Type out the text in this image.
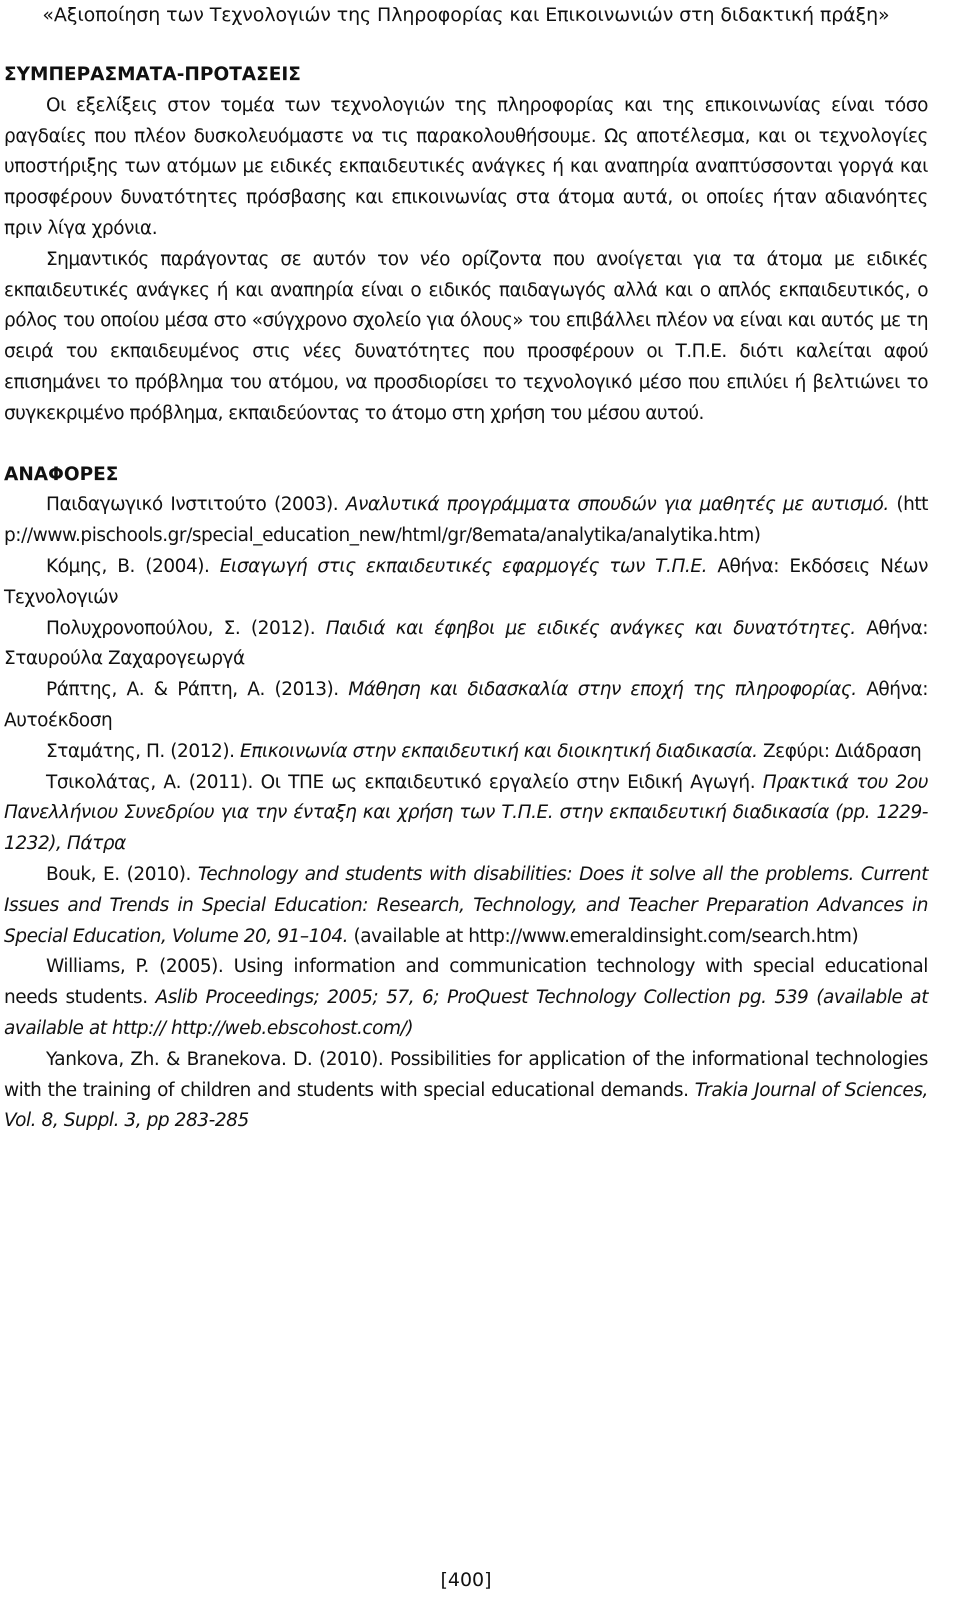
«Αξιοποίηση των Τεχνολογιών της Πληροφορίας και Επικοινωνιών στη διδακτική πράξη»
ΣΥΜΠΕΡΑΣΜΑΤΑ-ΠΡΟΤΑΣΕΙΣ

Οι εξελίξεις στον τομέα των τεχνολογιών της πληροφορίας και της επικοινωνίας είναι τόσο ραγδαίες που πλέον δυσκολευόμαστε να τις παρακολουθήσουμε. Ως αποτέλεσμα, και οι τεχνολογίες υποστήριξης των ατόμων με ειδικές εκπαιδευτικές ανάγκες ή και αναπηρία αναπτύσσονται γοργά και προσφέρουν δυνατότητες πρόσβασης και επικοινωνίας στα άτομα αυτά, οι οποίες ήταν αδιανόητες πριν λίγα χρόνια.

Σημαντικός παράγοντας σε αυτόν τον νέο ορίζοντα που ανοίγεται για τα άτομα με ειδικές εκπαιδευτικές ανάγκες ή και αναπηρία είναι ο ειδικός παιδαγωγός αλλά και ο απλός εκπαιδευτικός, ο ρόλος του οποίου μέσα στο «σύγχρονο σχολείο για όλους» του επιβάλλει πλέον να είναι και αυτός με τη σειρά του εκπαιδευμένος στις νέες δυνατότητες που προσφέρουν οι Τ.Π.Ε. διότι καλείται αφού επισημάνει το πρόβλημα του ατόμου, να προσδιορίσει το τεχνολογικό μέσο που επιλύει ή βελτιώνει το συγκεκριμένο πρόβλημα, εκπαιδεύοντας το άτομο στη χρήση του μέσου αυτού.

ΑΝΑΦΟΡΕΣ

Παιδαγωγικό Ινστιτούτο (2003). Αναλυτικά προγράμματα σπουδών για μαθητές με αυτισμό. (http://www.pischools.gr/special_education_new/html/gr/8emata/analytika/analytika.htm)

Κόμης, Β. (2004). Εισαγωγή στις εκπαιδευτικές εφαρμογές των Τ.Π.Ε. Αθήνα: Εκδόσεις Νέων Τεχνολογιών

Πολυχρονοπούλου, Σ. (2012). Παιδιά και έφηβοι με ειδικές ανάγκες και δυνατότητες. Αθήνα: Σταυρούλα Ζαχαρογεωργά

Ράπτης, Α. & Ράπτη, Α. (2013). Μάθηση και διδασκαλία στην εποχή της πληροφορίας. Αθήνα: Αυτοέκδοση

Σταμάτης, Π. (2012). Επικοινωνία στην εκπαιδευτική και διοικητική διαδικασία. Ζεφύρι: Διάδραση

Τσικολάτας, Α. (2011). Οι ΤΠΕ ως εκπαιδευτικό εργαλείο στην Ειδική Αγωγή. Πρακτικά του 2ου Πανελλήνιου Συνεδρίου για την ένταξη και χρήση των Τ.Π.Ε. στην εκπαιδευτική διαδικασία (pp. 1229-1232), Πάτρα

Bouk, E. (2010). Technology and students with disabilities: Does it solve all the problems. Current Issues and Trends in Special Education: Research, Technology, and Teacher Preparation Advances in Special Education, Volume 20, 91–104. (available at http://www.emeraldinsight.com/search.htm)

Williams, P. (2005). Using information and communication technology with special educational needs students. Aslib Proceedings; 2005; 57, 6; ProQuest Technology Collection pg. 539 (available at available at http:// http://web.ebscohost.com/)

Yankova, Zh. & Branekova. D. (2010). Possibilities for application of the informational technologies with the training of children and students with special educational demands. Trakia Journal of Sciences, Vol. 8, Suppl. 3, pp 283-285

[400]
